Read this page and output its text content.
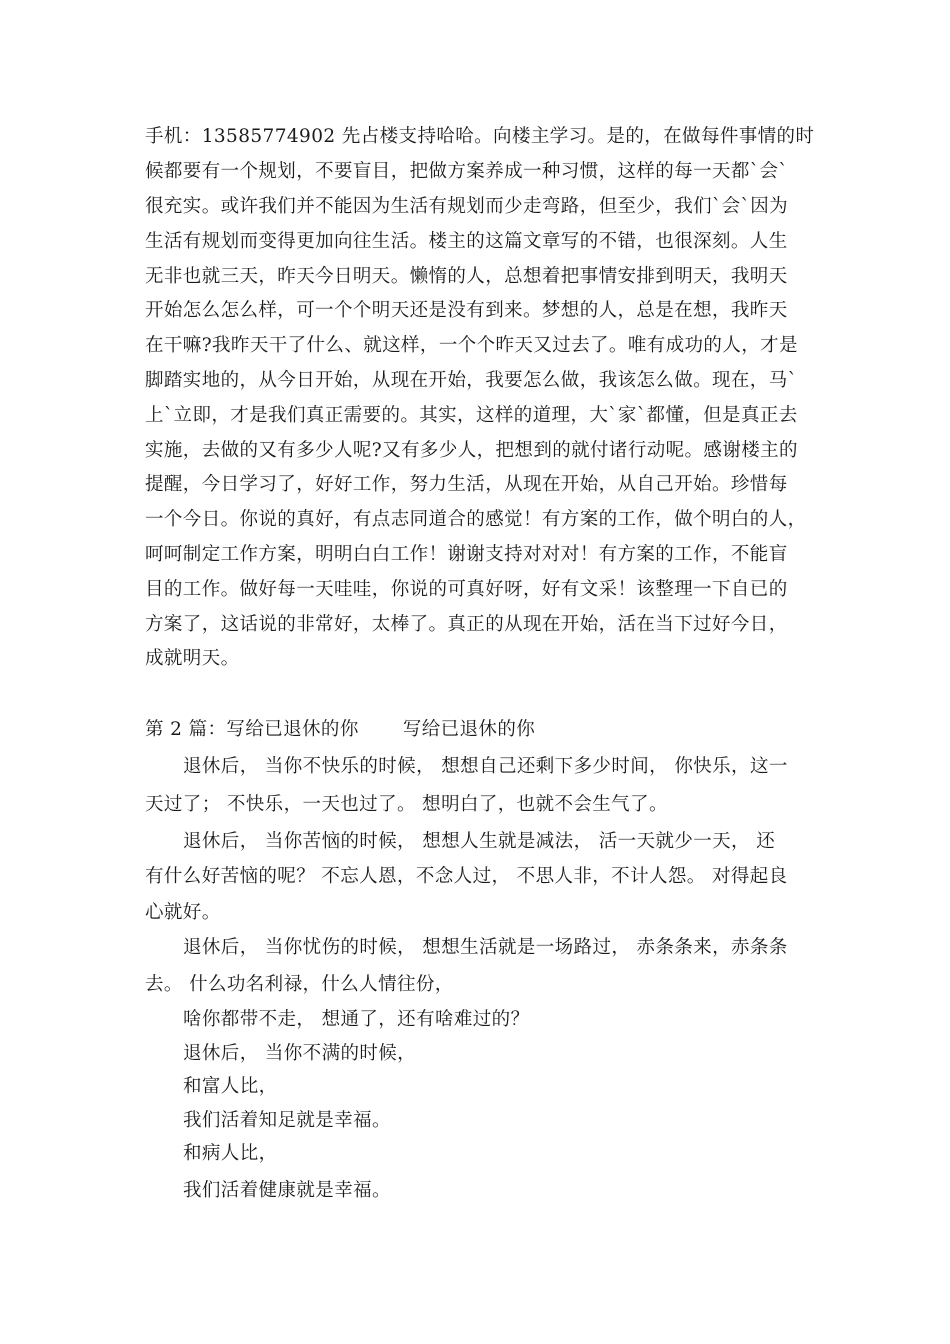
手机：13585774902 先占楼支持哈哈。向楼主学习。是的，在做每件事情的时
候都要有一个规划，不要盲目，把做方案养成一种习惯，这样的每一天都`会`
很充实。或许我们并不能因为生活有规划而少走弯路，但至少，我们`会`因为
生活有规划而变得更加向往生活。楼主的这篇文章写的不错，也很深刻。人生
无非也就三天，昨天今日明天。懒惰的人，总想着把事情安排到明天，我明天
开始怎么怎么样，可一个个明天还是没有到来。梦想的人，总是在想，我昨天
在干嘛?我昨天干了什么、就这样，一个个昨天又过去了。唯有成功的人，才是
脚踏实地的，从今日开始，从现在开始，我要怎么做，我该怎么做。现在，马`
上`立即，才是我们真正需要的。其实，这样的道理，大`家`都懂，但是真正去
实施，去做的又有多少人呢?又有多少人，把想到的就付诸行动呢。感谢楼主的
提醒，今日学习了，好好工作，努力生活，从现在开始，从自己开始。珍惜每
一个今日。你说的真好，有点志同道合的感觉！有方案的工作，做个明白的人，
呵呵制定工作方案，明明白白工作！谢谢支持对对对！有方案的工作，不能盲
目的工作。做好每一天哇哇，你说的可真好呀，好有文采！该整理一下自已的
方案了，这话说的非常好，太棒了。真正的从现在开始，活在当下过好今日，
成就明天。
第 2 篇：写给已退休的你　　 写给已退休的你
退休后， 当你不快乐的时候， 想想自己还剩下多少时间， 你快乐，这一
天过了； 不快乐，一天也过了。 想明白了，也就不会生气了。
退休后， 当你苦恼的时候， 想想人生就是减法， 活一天就少一天， 还
有什么好苦恼的呢？ 不忘人恩，不念人过， 不思人非，不计人怨。 对得起良
心就好。
退休后， 当你忧伤的时候， 想想生活就是一场路过， 赤条条来，赤条条
去。 什么功名利禄，什么人情往份，
啥你都带不走， 想通了，还有啥难过的？
退休后， 当你不满的时候，
和富人比，
我们活着知足就是幸福。
和病人比，
我们活着健康就是幸福。
